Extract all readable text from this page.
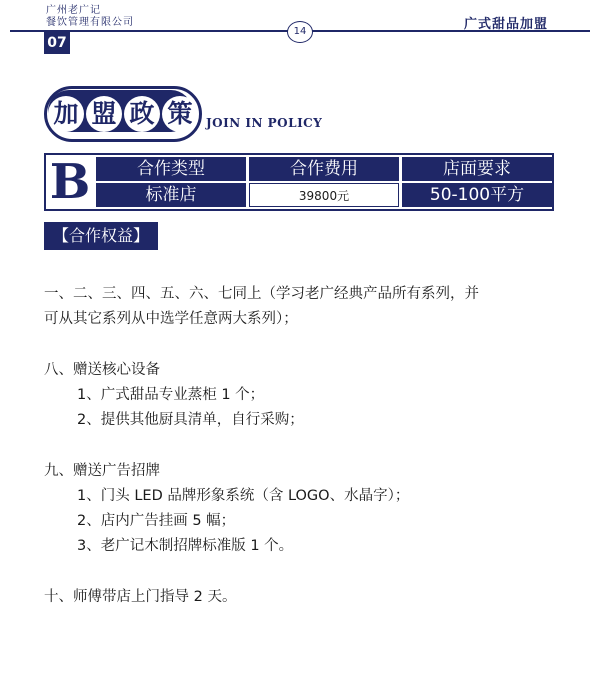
广州老广记
餐饮管理有限公司
14	广式甜品加盟
07
加 盟 政 策	JOIN IN POLICY
B	合作类型	合作费用	店面要求
标准店	39800元	50-100平方
【合作权益】

一、二、三、四、五、六、七同上（学习老广经典产品所有系列，并

可从其它系列从中选学任意两大系列）；

八、赠送核心设备

1、广式甜品专业蒸柜 1 个；

2、提供其他厨具清单，自行采购；

九、赠送广告招牌

1、门头 LED 品牌形象系统（含 LOGO、水晶字）；

2、店内广告挂画 5 幅；

3、老广记木制招牌标准版 1 个。

十、师傅带店上门指导 2 天。
